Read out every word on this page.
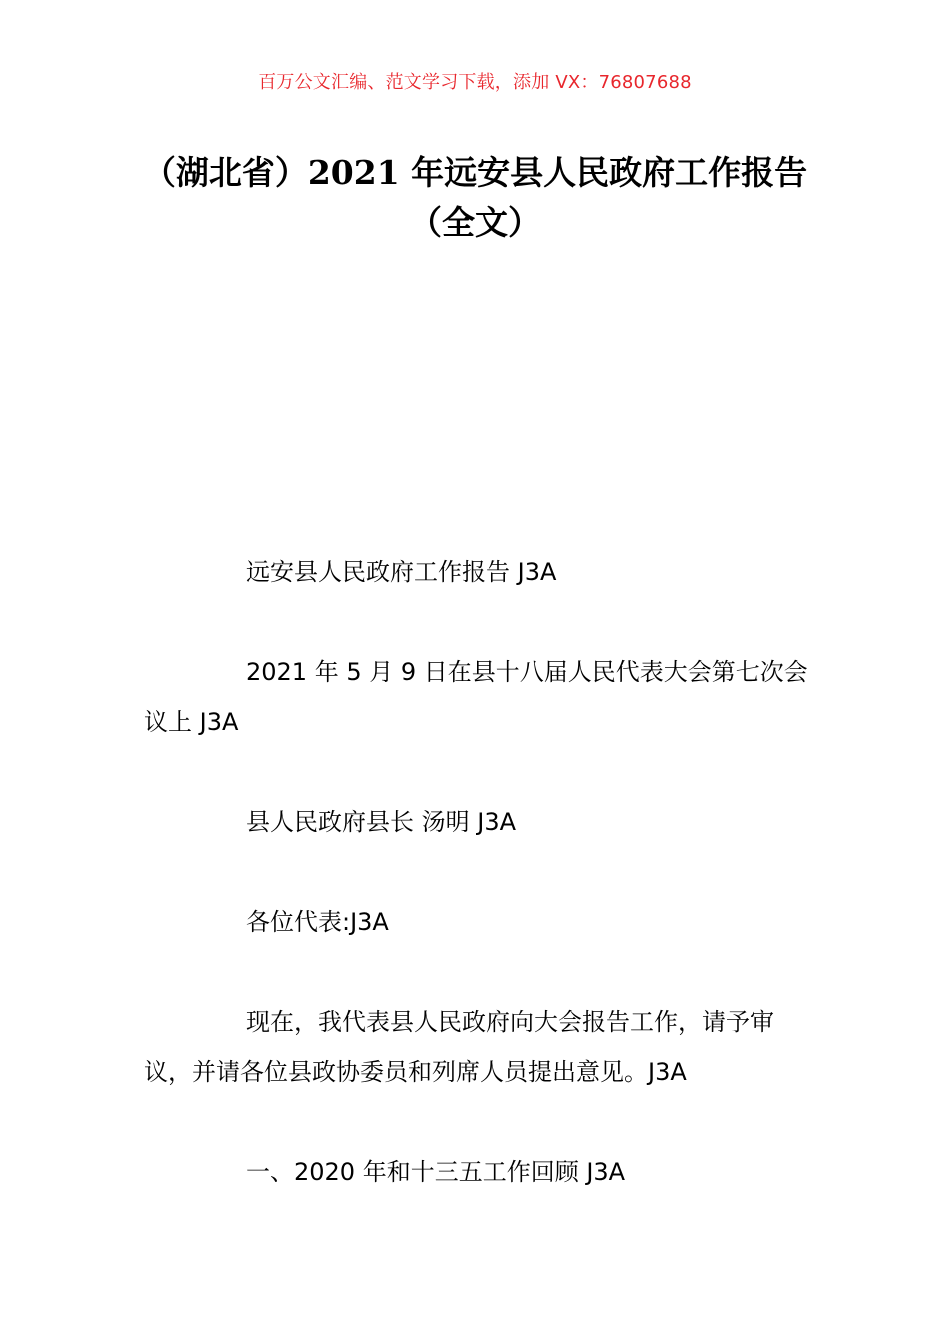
百万公文汇编、范文学习下载，添加 VX：76807688
（湖北省）2021 年远安县人民政府工作报告（全文）

远安县人民政府工作报告 J3A

2021 年 5 月 9 日在县十八届人民代表大会第七次会议上 J3A

县人民政府县长 汤明 J3A

各位代表:J3A

现在，我代表县人民政府向大会报告工作，请予审议，并请各位县政协委员和列席人员提出意见。J3A

一、2020 年和十三五工作回顾 J3A
